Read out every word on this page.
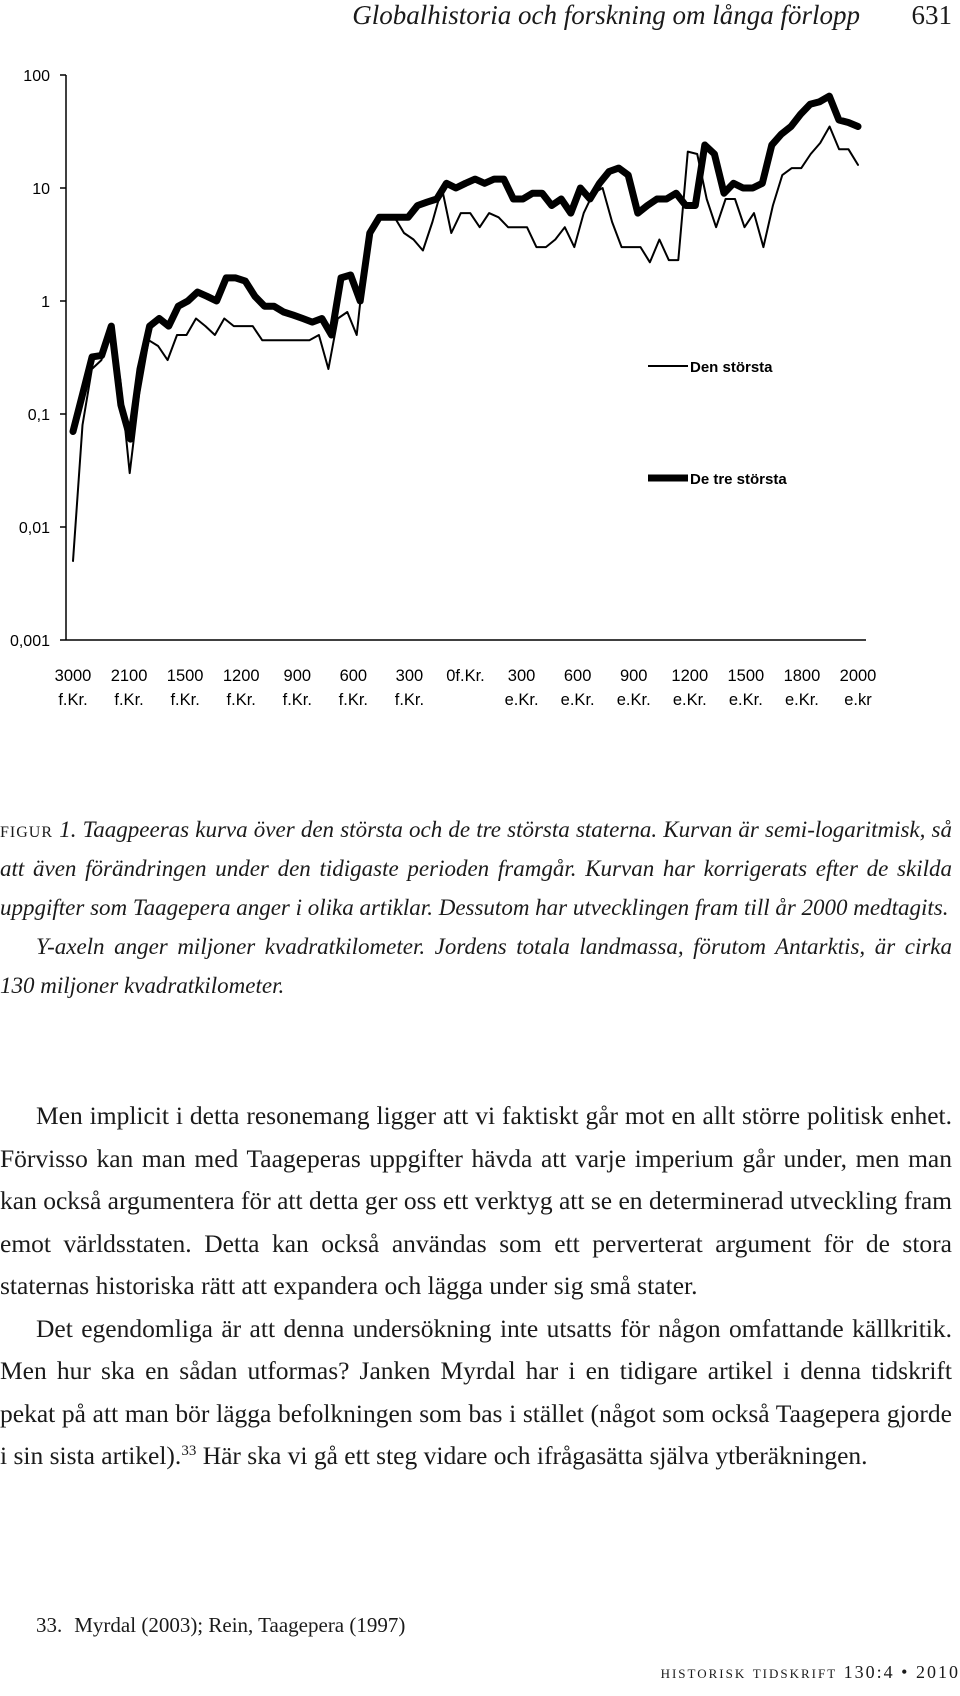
Globalhistoria och forskning om långa förlopp 631
0,001
0,01
0,1
1
10
100
3000
f.Kr.
2100
f.Kr.
1500
f.Kr.
1200
f.Kr.
900
f.Kr.
600
f.Kr.
300
f.Kr.
0f.Kr. 300
e.Kr.
600
e.Kr.
900
e.Kr.
1200
e.Kr.
1500
e.Kr.
1800
e.Kr.
2000
e.kr
Den största
De tre största

figur 1. Taagpeeras kurva över den största och de tre största staterna. Kurvan är semi-logaritmisk, så att även förändringen under den tidigaste perioden framgår. Kurvan har korrigerats efter de skilda uppgifter som Taagepera anger i olika artiklar. Dessutom har utvecklingen fram till år 2000 medtagits.

Y-axeln anger miljoner kvadratkilometer. Jordens totala landmassa, förutom Antarktis, är cirka 130 miljoner kvadratkilometer.

Men implicit i detta resonemang ligger att vi faktiskt går mot en allt större politisk enhet. Förvisso kan man med Taageperas uppgifter hävda att varje imperium går under, men man kan också argumentera för att detta ger oss ett verktyg att se en determinerad utveckling fram emot världsstaten. Detta kan också användas som ett perverterat argument för de stora staternas historiska rätt att expandera och lägga under sig små stater.

Det egendomliga är att denna undersökning inte utsatts för någon omfattande källkritik. Men hur ska en sådan utformas? Janken Myrdal har i en tidigare artikel i denna tidskrift pekat på att man bör lägga befolkningen som bas i stället (något som också Taagepera gjorde i sin sista artikel).$^{33}$ Här ska vi gå ett steg vidare och ifrågasätta själva ytberäkningen.

33. Myrdal (2003); Rein, Taagepera (1997)
historisk tidskrift 130:4 • 2010
